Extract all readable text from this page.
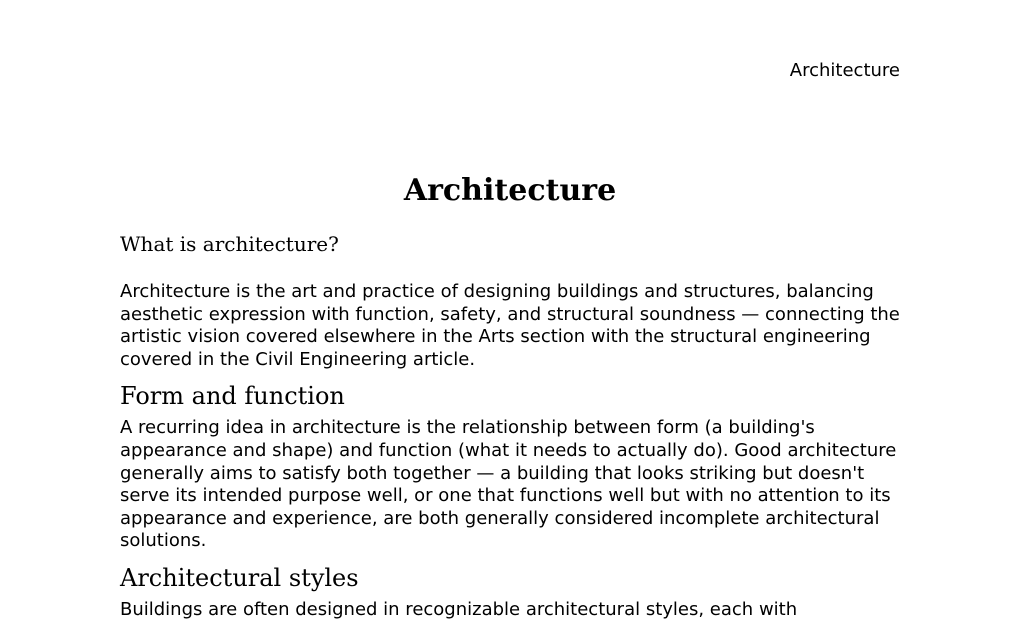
Architecture
Architecture
What is architecture?

Architecture is the art and practice of designing buildings and structures, balancing aesthetic expression with function, safety, and structural soundness — connecting the artistic vision covered elsewhere in the Arts section with the structural engineering covered in the Civil Engineering article.

Form and function

A recurring idea in architecture is the relationship between form (a building's appearance and shape) and function (what it needs to actually do). Good architecture generally aims to satisfy both together — a building that looks striking but doesn't serve its intended purpose well, or one that functions well but with no attention to its appearance and experience, are both generally considered incomplete architectural solutions.

Architectural styles

Buildings are often designed in recognizable architectural styles, each with
